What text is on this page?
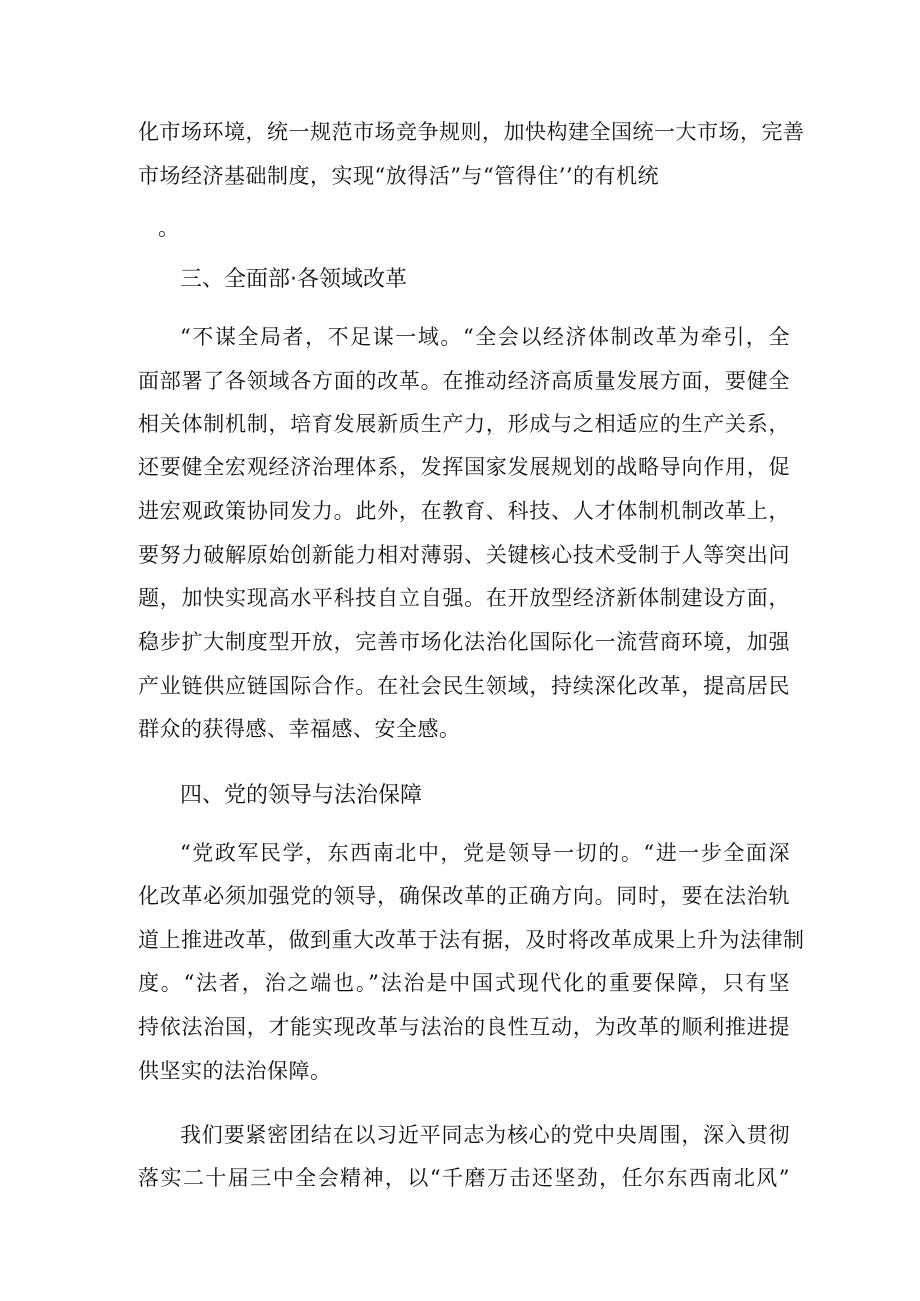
化市场环境，统一规范市场竞争规则，加快构建全国统一大市场，完善
市场经济基础制度，实现“放得活”与“管得住’’的有机统
。
三、全面部·各领域改革
“不谋全局者，不足谋一域。“全会以经济体制改革为牵引，全
面部署了各领域各方面的改革。在推动经济高质量发展方面，要健全
相关体制机制，培育发展新质生产力，形成与之相适应的生产关系，
还要健全宏观经济治理体系，发挥国家发展规划的战略导向作用，促
进宏观政策协同发力。此外，在教育、科技、人才体制机制改革上，
要努力破解原始创新能力相对薄弱、关键核心技术受制于人等突出问
题，加快实现高水平科技自立自强。在开放型经济新体制建设方面，
稳步扩大制度型开放，完善市场化法治化国际化一流营商环境，加强
产业链供应链国际合作。在社会民生领域，持续深化改革，提高居民
群众的获得感、幸福感、安全感。
四、党的领导与法治保障
“党政军民学，东西南北中，党是领导一切的。“进一步全面深
化改革必须加强党的领导，确保改革的正确方向。同时，要在法治轨
道上推进改革，做到重大改革于法有据，及时将改革成果上升为法律制
度。“法者，治之端也。”法治是中国式现代化的重要保障，只有坚
持依法治国，才能实现改革与法治的良性互动，为改革的顺利推进提
供坚实的法治保障。
我们要紧密团结在以习近平同志为核心的党中央周围，深入贯彻
落实二十届三中全会精神，以“千磨万击还坚劲，任尔东西南北风”
